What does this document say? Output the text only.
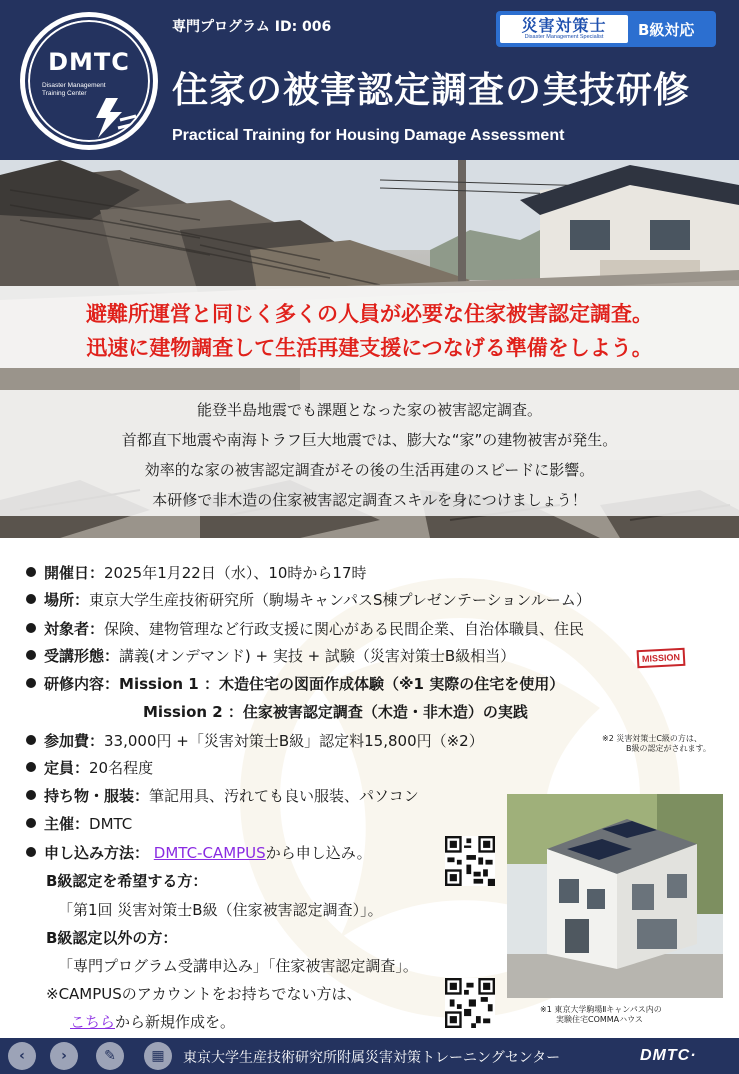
DMTC
Disaster Management
Training Center
専門プログラム ID: 006	災害対策士
Disaster Management Specialist B級対応
住家の被害認定調査の実技研修
Practical Training for Housing Damage Assessment
避難所運営と同じく多くの人員が必要な住家被害認定調査。
迅速に建物調査して生活再建支援につなげる準備をしよう。
能登半島地震でも課題となった家の被害認定調査。
首都直下地震や南海トラフ巨大地震では、膨大な“家”の建物被害が発生。
効率的な家の被害認定調査がその後の生活再建のスピードに影響。
本研修で非木造の住家被害認定調査スキルを身につけましょう！
開催日：2025年1月22日（水）、10時から17時
場所：東京大学生産技術研究所（駒場キャンパスS棟プレゼンテーションルーム）
対象者：保険、建物管理など行政支援に関心がある民間企業、自治体職員、住民
受講形態：講義(オンデマンド) + 実技 + 試験（災害対策士B級相当）	MISSION
研修内容：Mission 1 ：木造住宅の図面作成体験（※1 実際の住宅を使用）
Mission 2 ：住家被害認定調査（木造・非木造）の実践
参加費：33,000円 +「災害対策士B級」認定料15,800円（※2）	※2 災害対策士C級の方は、
B級の認定がされます。
定員：20名程度
持ち物・服装：筆記用具、汚れても良い服装、パソコン
主催：DMTC
申し込み方法： DMTC-CAMPUSから申し込み。
B級認定を希望する方：
「第1回 災害対策士B級（住家被害認定調査）」。
B級認定以外の方：
「専門プログラム受講申込み」「住家被害認定調査」。
※CAMPUSのアカウントをお持ちでない方は、
こちらから新規作成を。
※1 東京大学駒場Ⅱキャンパス内の
実験住宅COMMAハウス
‹	›	✎	▦	東京大学生産技術研究所附属災害対策トレーニングセンター	DMTC·
